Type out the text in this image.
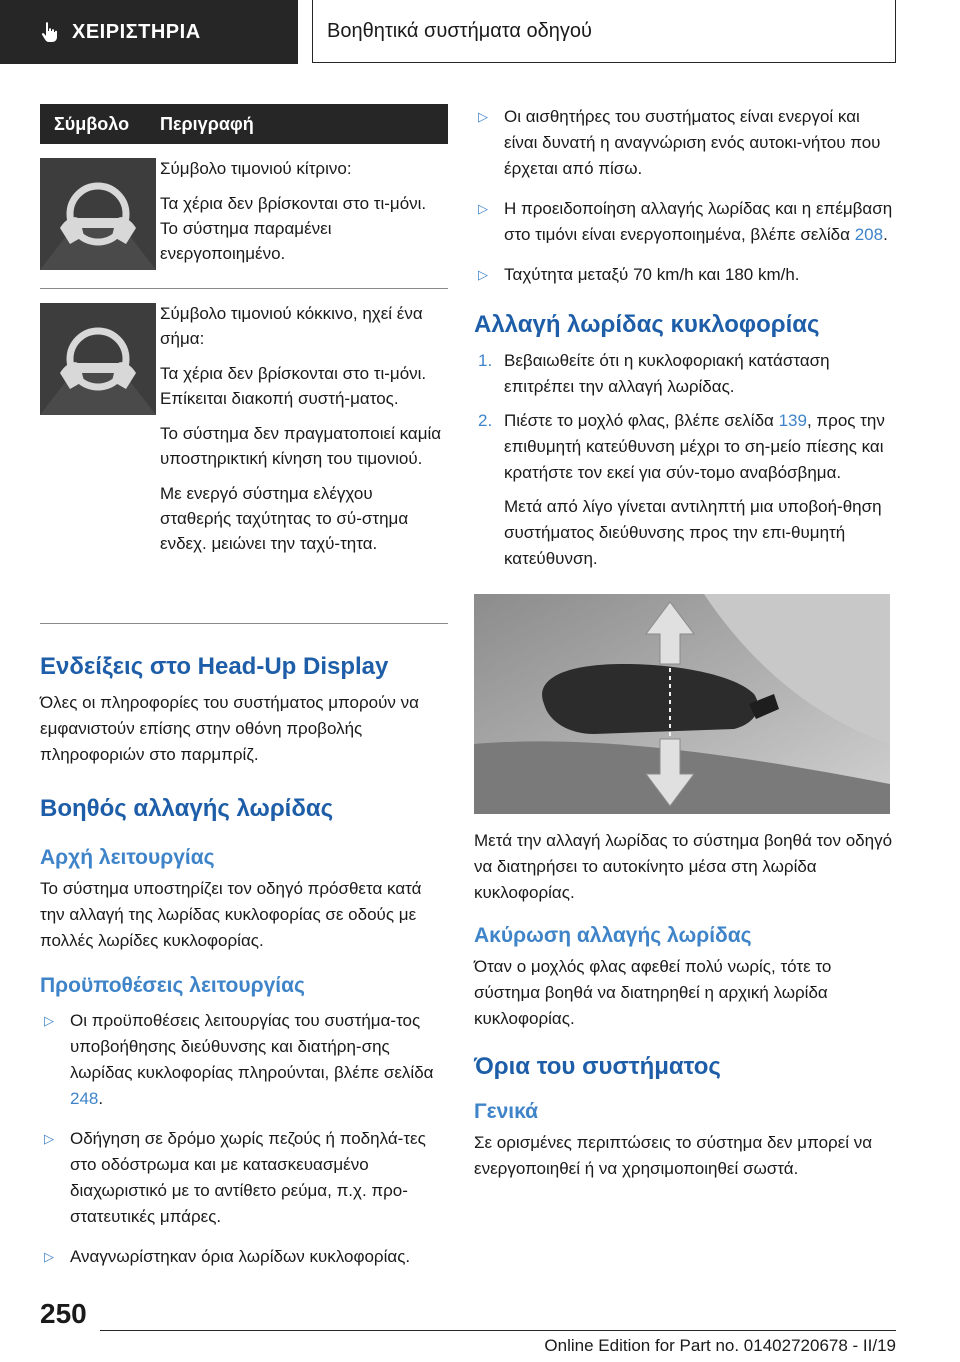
ΧΕΙΡΙΣΤΗΡΙΑ	Βοηθητικά συστήματα οδηγού
Σύμβολο	Περιγραφή

Σύμβολο τιμονιού κίτρινο:

Τα χέρια δεν βρίσκονται στο τι-μόνι. Το σύστημα παραμένει ενεργοποιημένο.

Σύμβολο τιμονιού κόκκινο, ηχεί ένα σήμα:

Τα χέρια δεν βρίσκονται στο τι-μόνι. Επίκειται διακοπή συστή-ματος.

Το σύστημα δεν πραγματοποιεί καμία υποστηρικτική κίνηση του τιμονιού.

Με ενεργό σύστημα ελέγχου σταθερής ταχύτητας το σύ-στημα ενδεχ. μειώνει την ταχύ-τητα.

Ενδείξεις στο Head-Up Display

Όλες οι πληροφορίες του συστήματος μπορούν να εμφανιστούν επίσης στην οθόνη προβολής πληροφοριών στο παρμπρίζ.

Βοηθός αλλαγής λωρίδας
Αρχή λειτουργίας

Το σύστημα υποστηρίζει τον οδηγό πρόσθετα κατά την αλλαγή της λωρίδας κυκλοφορίας σε οδούς με πολλές λωρίδες κυκλοφορίας.

Προϋποθέσεις λειτουργίας
▷ Οι προϋποθέσεις λειτουργίας του συστήμα-τος υποβοήθησης διεύθυνσης και διατήρη-σης λωρίδας κυκλοφορίας πληρούνται, βλέπε σελίδα 248.
▷ Οδήγηση σε δρόμο χωρίς πεζούς ή ποδηλά-τες στο οδόστρωμα και με κατασκευασμένο διαχωριστικό με το αντίθετο ρεύμα, π.χ. προ-στατευτικές μπάρες.
▷ Αναγνωρίστηκαν όρια λωρίδων κυκλοφορίας.
▷ Οι αισθητήρες του συστήματος είναι ενεργοί και είναι δυνατή η αναγνώριση ενός αυτοκι-νήτου που έρχεται από πίσω.
▷ Η προειδοποίηση αλλαγής λωρίδας και η επέμβαση στο τιμόνι είναι ενεργοποιημένα, βλέπε σελίδα 208.
▷ Ταχύτητα μεταξύ 70 km/h και 180 km/h.
Αλλαγή λωρίδας κυκλοφορίας
1. Βεβαιωθείτε ότι η κυκλοφοριακή κατάσταση επιτρέπει την αλλαγή λωρίδας.
2. Πιέστε το μοχλό φλας, βλέπε σελίδα 139, προς την επιθυμητή κατεύθυνση μέχρι το ση-μείο πίεσης και κρατήστε τον εκεί για σύν-τομο αναβόσβημα.

Μετά από λίγο γίνεται αντιληπτή μια υποβοή-θηση συστήματος διεύθυνσης προς την επι-θυμητή κατεύθυνση.

Μετά την αλλαγή λωρίδας το σύστημα βοηθά τον οδηγό να διατηρήσει το αυτοκίνητο μέσα στη λωρίδα κυκλοφορίας.

Ακύρωση αλλαγής λωρίδας

Όταν ο μοχλός φλας αφεθεί πολύ νωρίς, τότε το σύστημα βοηθά να διατηρηθεί η αρχική λωρίδα κυκλοφορίας.

Όρια του συστήματος
Γενικά

Σε ορισμένες περιπτώσεις το σύστημα δεν μπορεί να ενεργοποιηθεί ή να χρησιμοποιηθεί σωστά.

250
Online Edition for Part no. 01402720678 - II/19
